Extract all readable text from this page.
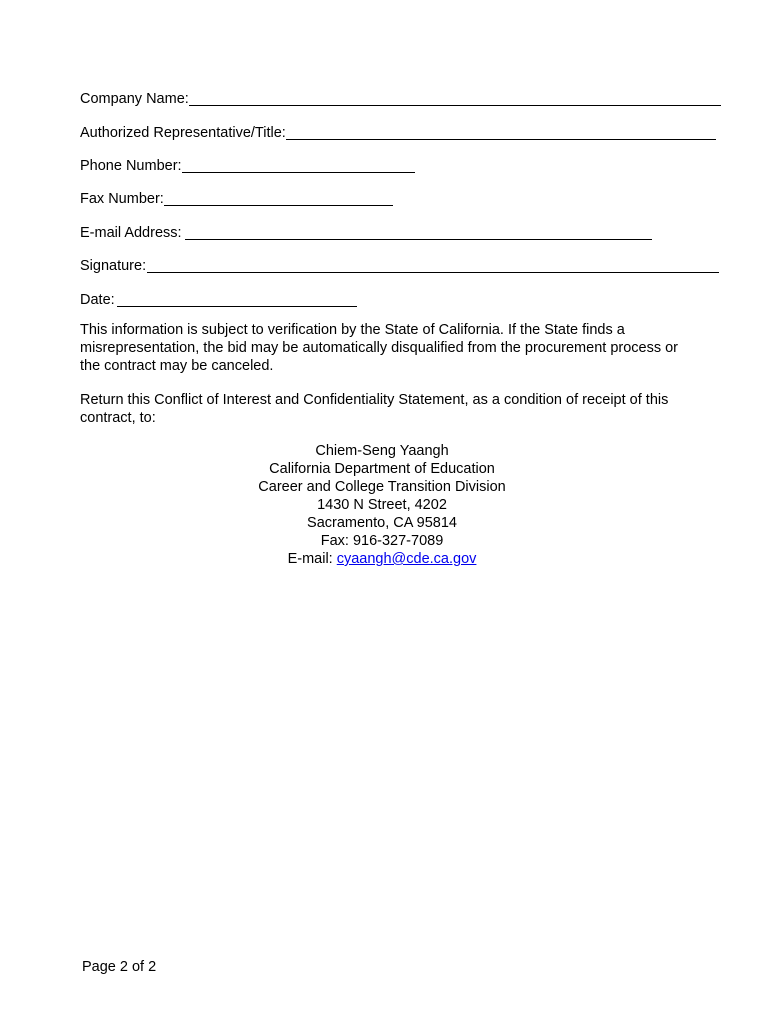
Company Name:
Authorized Representative/Title:
Phone Number:
Fax Number:
E-mail Address:
Signature:
Date:

This information is subject to verification by the State of California. If the State finds a misrepresentation, the bid may be automatically disqualified from the procurement process or the contract may be canceled.

Return this Conflict of Interest and Confidentiality Statement, as a condition of receipt of this contract, to:

Chiem-Seng Yaangh
California Department of Education
Career and College Transition Division
1430 N Street, 4202
Sacramento, CA 95814
Fax: 916-327-7089
E-mail: cyaangh@cde.ca.gov
Page 2 of 2
